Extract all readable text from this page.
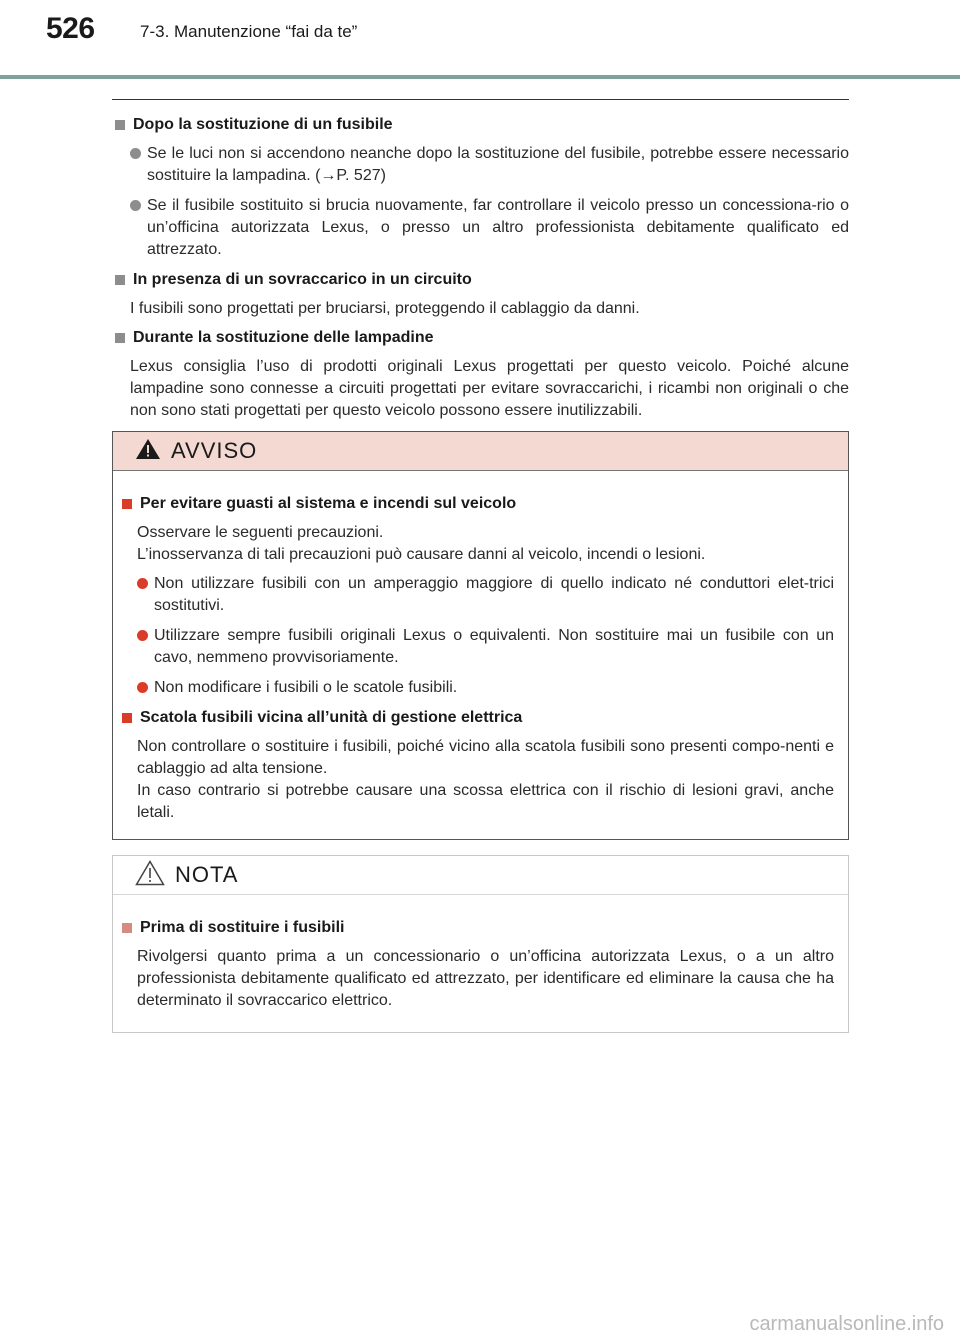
526	7-3. Manutenzione “fai da te”
Dopo la sostituzione di un fusibile
Se le luci non si accendono neanche dopo la sostituzione del fusibile, potrebbe essere necessario sostituire la lampadina. (→P. 527)
Se il fusibile sostituito si brucia nuovamente, far controllare il veicolo presso un concessiona-rio o un’officina autorizzata Lexus, o presso un altro professionista debitamente qualificato ed attrezzato.
In presenza di un sovraccarico in un circuito
I fusibili sono progettati per bruciarsi, proteggendo il cablaggio da danni.
Durante la sostituzione delle lampadine
Lexus consiglia l’uso di prodotti originali Lexus progettati per questo veicolo. Poiché alcune lampadine sono connesse a circuiti progettati per evitare sovraccarichi, i ricambi non originali o che non sono stati progettati per questo veicolo possono essere inutilizzabili.
AVVISO
Per evitare guasti al sistema e incendi sul veicolo
Osservare le seguenti precauzioni.
L’inosservanza di tali precauzioni può causare danni al veicolo, incendi o lesioni.
Non utilizzare fusibili con un amperaggio maggiore di quello indicato né conduttori elet-trici sostitutivi.
Utilizzare sempre fusibili originali Lexus o equivalenti. Non sostituire mai un fusibile con un cavo, nemmeno provvisoriamente.
Non modificare i fusibili o le scatole fusibili.
Scatola fusibili vicina all’unità di gestione elettrica
Non controllare o sostituire i fusibili, poiché vicino alla scatola fusibili sono presenti compo-nenti e cablaggio ad alta tensione.
In caso contrario si potrebbe causare una scossa elettrica con il rischio di lesioni gravi, anche letali.
NOTA
Prima di sostituire i fusibili
Rivolgersi quanto prima a un concessionario o un’officina autorizzata Lexus, o a un altro professionista debitamente qualificato ed attrezzato, per identificare ed eliminare la causa che ha determinato il sovraccarico elettrico.
carmanualsonline.info
